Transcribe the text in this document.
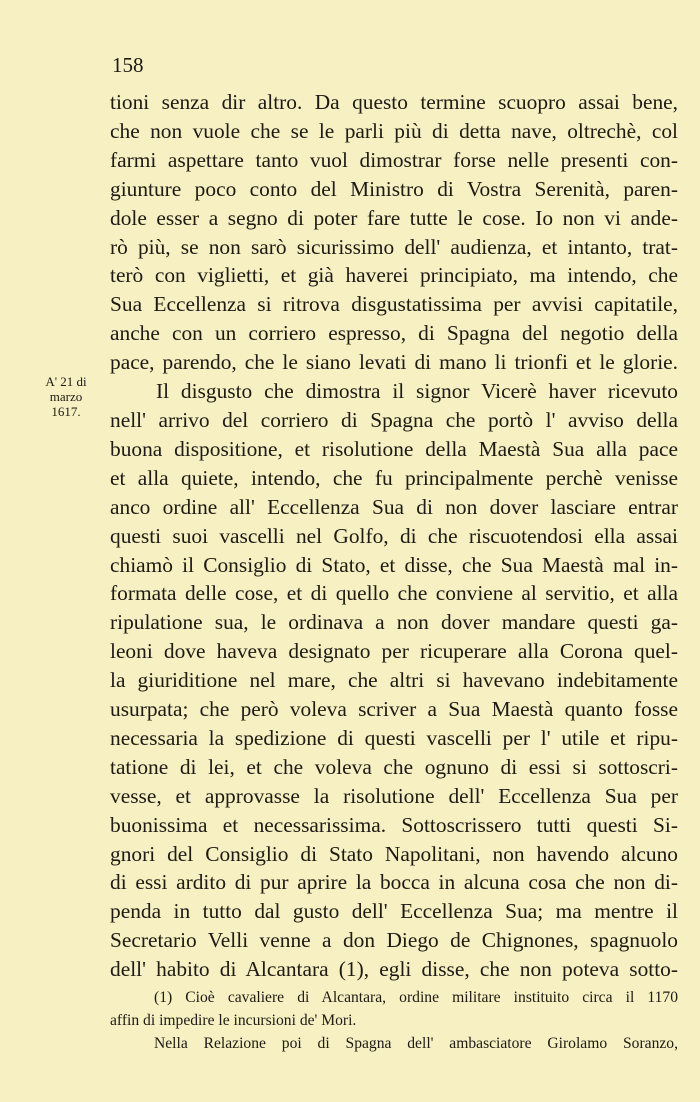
158
A' 21 di
marzo
1617.
tioni senza dir altro. Da questo termine scuopro assai bene,
che non vuole che se le parli più di detta nave, oltrechè, col
farmi aspettare tanto vuol dimostrar forse nelle presenti con-
giunture poco conto del Ministro di Vostra Serenità, paren-
dole esser a segno di poter fare tutte le cose. Io non vi ande-
rò più, se non sarò sicurissimo dell' audienza, et intanto, trat-
terò con viglietti, et già haverei principiato, ma intendo, che
Sua Eccellenza si ritrova disgustatissima per avvisi capitatile,
anche con un corriero espresso, di Spagna del negotio della
pace, parendo, che le siano levati di mano li trionfi et le glorie.
Il disgusto che dimostra il signor Vicerè haver ricevuto
nell' arrivo del corriero di Spagna che portò l' avviso della
buona dispositione, et risolutione della Maestà Sua alla pace
et alla quiete, intendo, che fu principalmente perchè venisse
anco ordine all' Eccellenza Sua di non dover lasciare entrar
questi suoi vascelli nel Golfo, di che riscuotendosi ella assai
chiamò il Consiglio di Stato, et disse, che Sua Maestà mal in-
formata delle cose, et di quello che conviene al servitio, et alla
ripulatione sua, le ordinava a non dover mandare questi ga-
leoni dove haveva designato per ricuperare alla Corona quel-
la giuriditione nel mare, che altri si havevano indebitamente
usurpata; che però voleva scriver a Sua Maestà quanto fosse
necessaria la spedizione di questi vascelli per l' utile et ripu-
tatione di lei, et che voleva che ognuno di essi si sottoscri-
vesse, et approvasse la risolutione dell' Eccellenza Sua per
buonissima et necessarissima. Sottoscrissero tutti questi Si-
gnori del Consiglio di Stato Napolitani, non havendo alcuno
di essi ardito di pur aprire la bocca in alcuna cosa che non di-
penda in tutto dal gusto dell' Eccellenza Sua; ma mentre il
Secretario Velli venne a don Diego de Chignones, spagnuolo
dell' habito di Alcantara (1), egli disse, che non poteva sotto-
(1) Cioè cavaliere di Alcantara, ordine militare instituito circa il 1170
affin di impedire le incursioni de' Mori.
Nella Relazione poi di Spagna dell' ambasciatore Girolamo Soranzo,
